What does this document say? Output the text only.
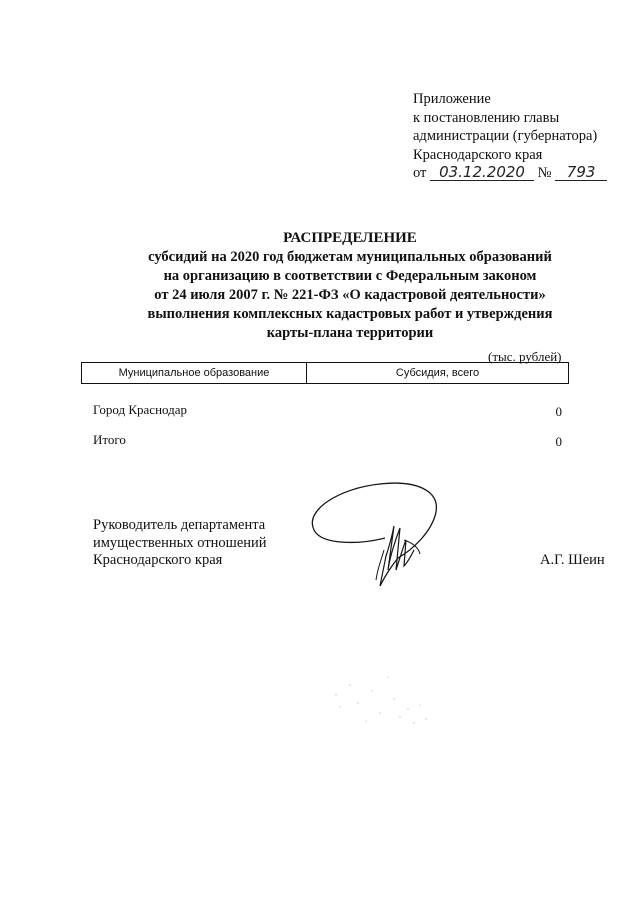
Приложение
к постановлению главы
администрации (губернатора)
Краснодарского края
от 03.12.2020 № 793
РАСПРЕДЕЛЕНИЕ
субсидий на 2020 год бюджетам муниципальных образований
на организацию в соответствии с Федеральным законом
от 24 июля 2007 г. № 221-ФЗ «О кадастровой деятельности»
выполнения комплексных кадастровых работ и утверждения
карты-плана территории
(тыс. рублей)
Муниципальное образование	Субсидия, всего
Город Краснодар	0
Итого	0
Руководитель департамента
имущественных отношений
Краснодарского края	А.Г. Шеин
